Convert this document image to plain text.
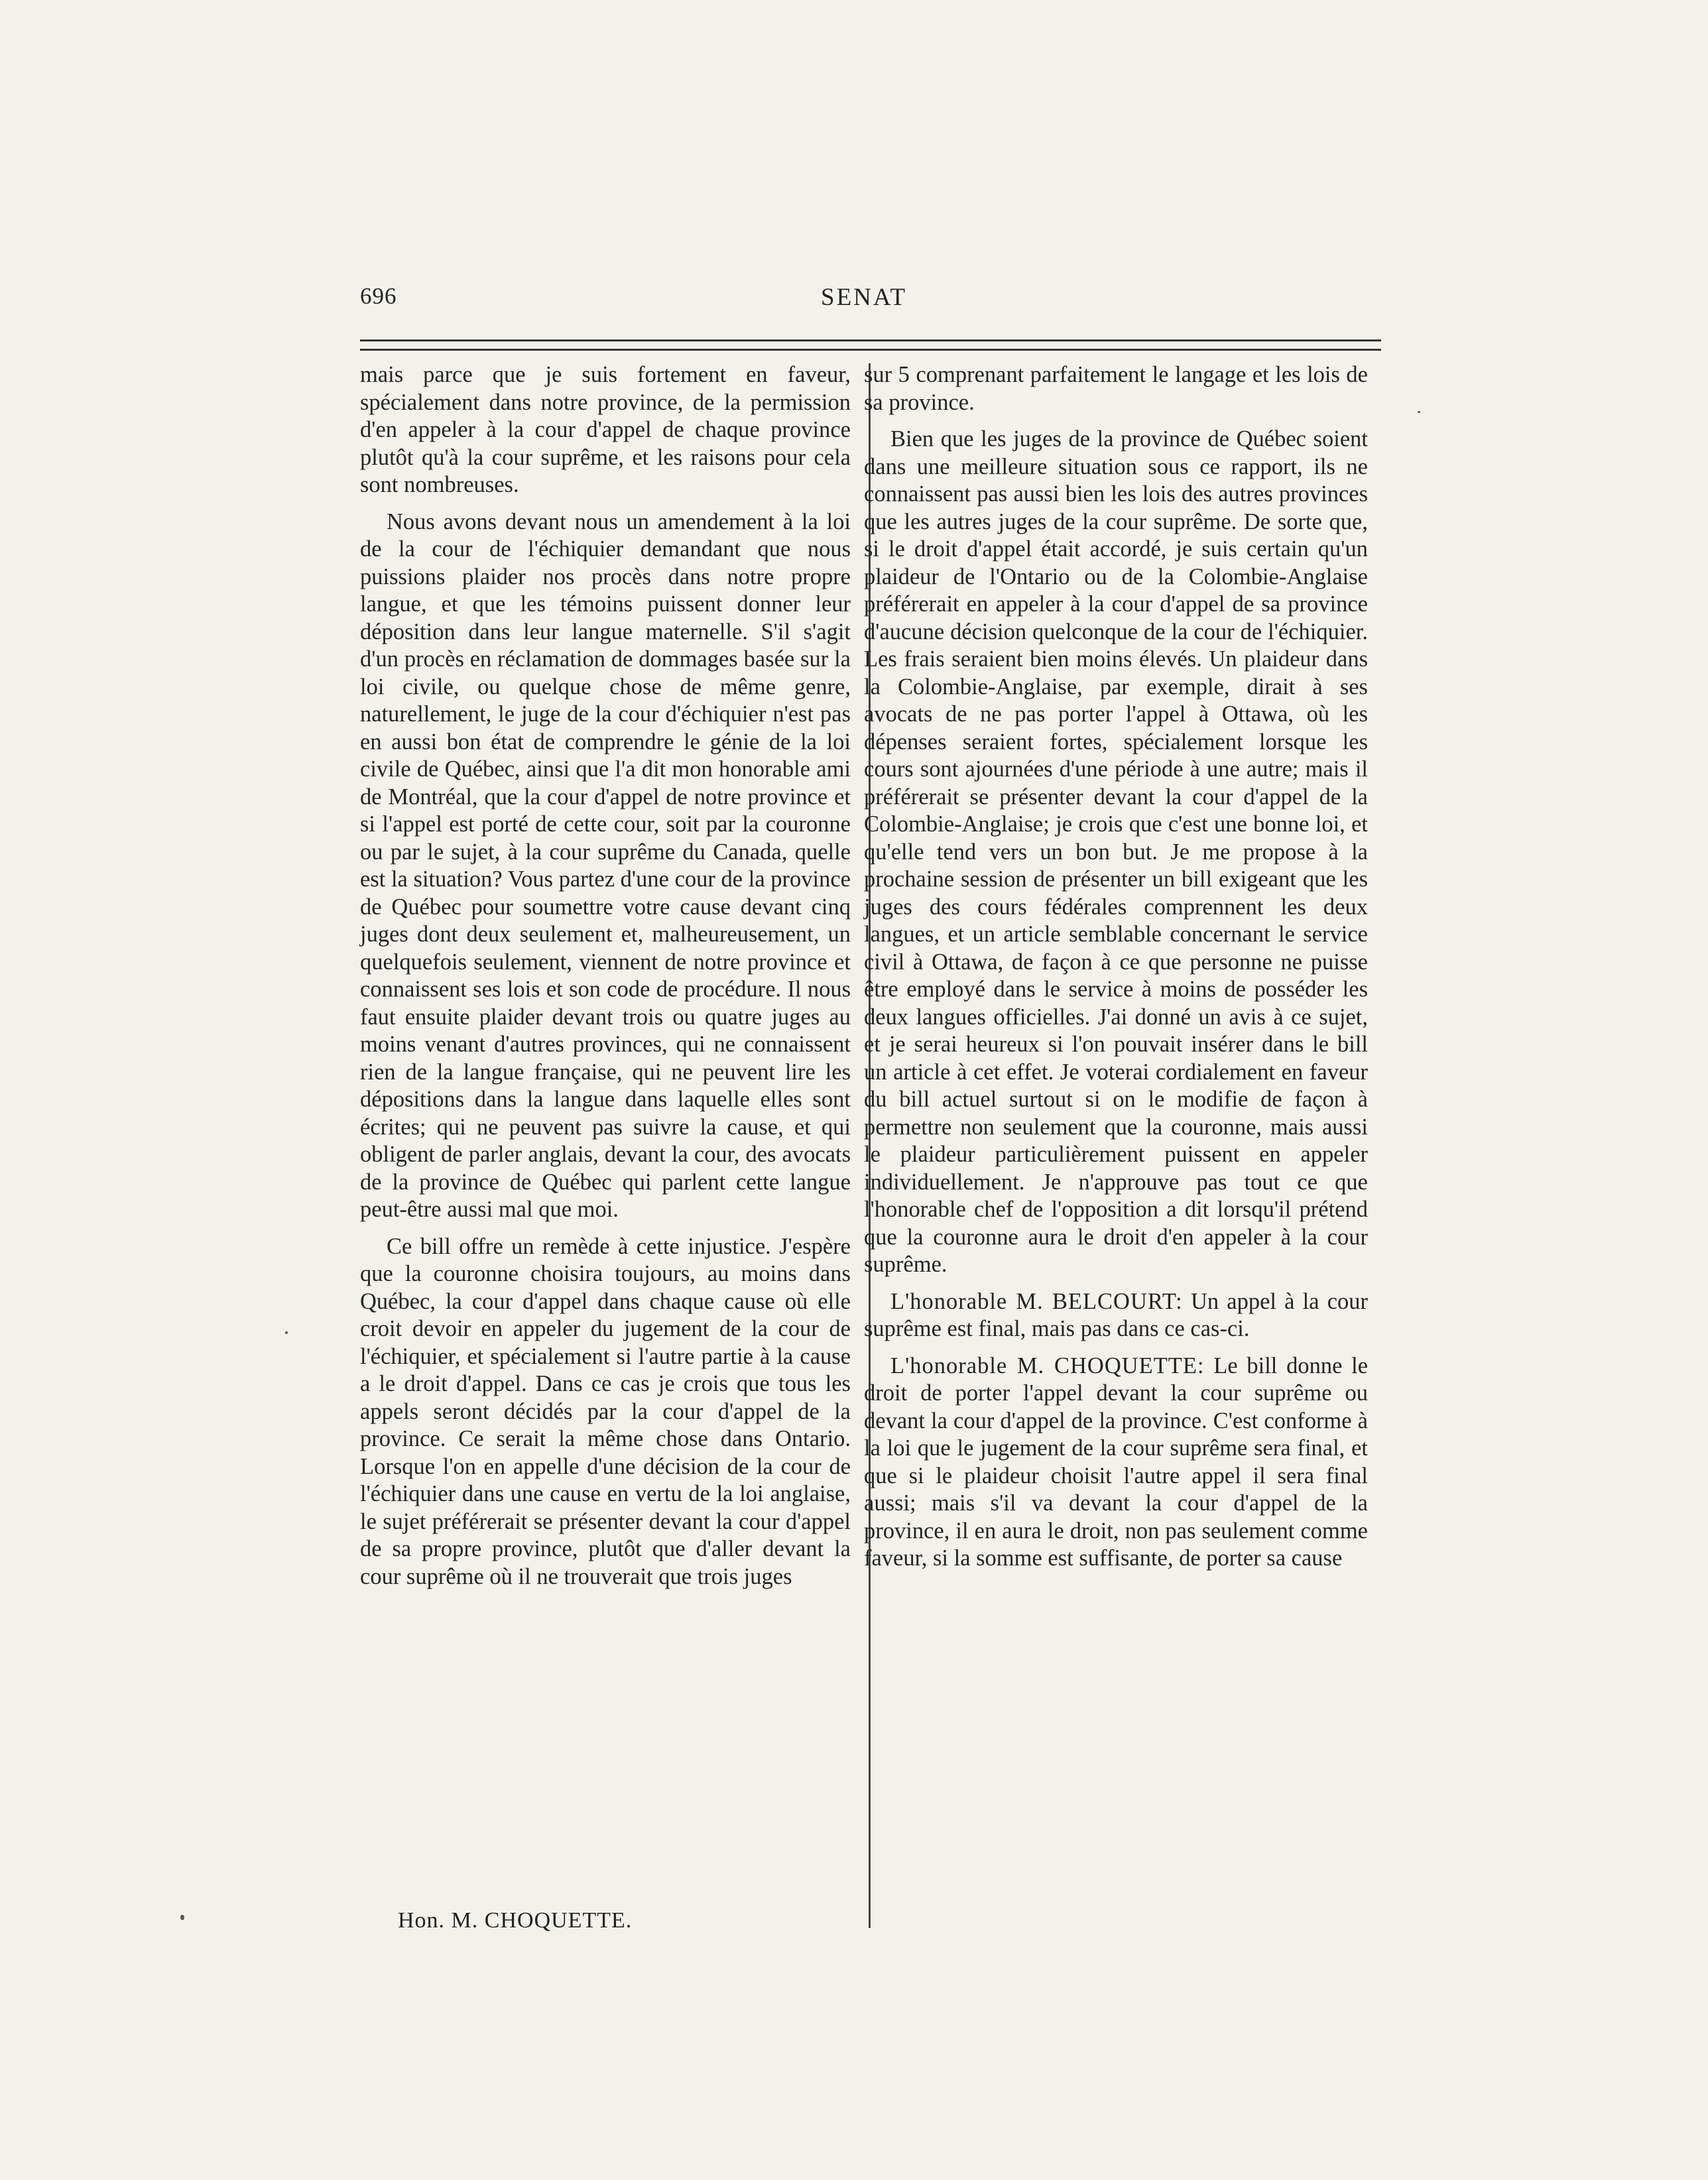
696	SENAT

mais parce que je suis fortement en faveur, spécialement dans notre province, de la permission d'en appeler à la cour d'appel de chaque province plutôt qu'à la cour suprême, et les raisons pour cela sont nombreuses.

Nous avons devant nous un amendement à la loi de la cour de l'échiquier demandant que nous puissions plaider nos procès dans notre propre langue, et que les témoins puissent donner leur déposition dans leur langue maternelle. S'il s'agit d'un procès en réclamation de dommages basée sur la loi civile, ou quelque chose de même genre, naturellement, le juge de la cour d'échiquier n'est pas en aussi bon état de comprendre le génie de la loi civile de Québec, ainsi que l'a dit mon honorable ami de Montréal, que la cour d'appel de notre province et si l'appel est porté de cette cour, soit par la couronne ou par le sujet, à la cour suprême du Canada, quelle est la situation? Vous partez d'une cour de la province de Québec pour soumettre votre cause devant cinq juges dont deux seulement et, malheureusement, un quelquefois seulement, viennent de notre province et connaissent ses lois et son code de procédure. Il nous faut ensuite plaider devant trois ou quatre juges au moins venant d'autres provinces, qui ne connaissent rien de la langue française, qui ne peuvent lire les dépositions dans la langue dans laquelle elles sont écrites; qui ne peuvent pas suivre la cause, et qui obligent de parler anglais, devant la cour, des avocats de la province de Québec qui parlent cette langue peut-être aussi mal que moi.

Ce bill offre un remède à cette injustice. J'espère que la couronne choisira toujours, au moins dans Québec, la cour d'appel dans chaque cause où elle croit devoir en appeler du jugement de la cour de l'échiquier, et spécialement si l'autre partie à la cause a le droit d'appel. Dans ce cas je crois que tous les appels seront décidés par la cour d'appel de la province. Ce serait la même chose dans Ontario. Lorsque l'on en appelle d'une décision de la cour de l'échiquier dans une cause en vertu de la loi anglaise, le sujet préférerait se présenter devant la cour d'appel de sa propre province, plutôt que d'aller devant la cour suprême où il ne trouverait que trois juges

sur 5 comprenant parfaitement le langage et les lois de sa province.

Bien que les juges de la province de Québec soient dans une meilleure situation sous ce rapport, ils ne connaissent pas aussi bien les lois des autres provinces que les autres juges de la cour suprême. De sorte que, si le droit d'appel était accordé, je suis certain qu'un plaideur de l'Ontario ou de la Colombie-Anglaise préférerait en appeler à la cour d'appel de sa province d'aucune décision quelconque de la cour de l'échiquier. Les frais seraient bien moins élevés. Un plaideur dans la Colombie-Anglaise, par exemple, dirait à ses avocats de ne pas porter l'appel à Ottawa, où les dépenses seraient fortes, spécialement lorsque les cours sont ajournées d'une période à une autre; mais il préférerait se présenter devant la cour d'appel de la Colombie-Anglaise; je crois que c'est une bonne loi, et qu'elle tend vers un bon but. Je me propose à la prochaine session de présenter un bill exigeant que les juges des cours fédérales comprennent les deux langues, et un article semblable concernant le service civil à Ottawa, de façon à ce que personne ne puisse être employé dans le service à moins de posséder les deux langues officielles. J'ai donné un avis à ce sujet, et je serai heureux si l'on pouvait insérer dans le bill un article à cet effet. Je voterai cordialement en faveur du bill actuel surtout si on le modifie de façon à permettre non seulement que la couronne, mais aussi le plaideur particulièrement puissent en appeler individuellement. Je n'approuve pas tout ce que l'honorable chef de l'opposition a dit lorsqu'il prétend que la couronne aura le droit d'en appeler à la cour suprême.

L'honorable M. BELCOURT: Un appel à la cour suprême est final, mais pas dans ce cas-ci.

L'honorable M. CHOQUETTE: Le bill donne le droit de porter l'appel devant la cour suprême ou devant la cour d'appel de la province. C'est conforme à la loi que le jugement de la cour suprême sera final, et que si le plaideur choisit l'autre appel il sera final aussi; mais s'il va devant la cour d'appel de la province, il en aura le droit, non pas seulement comme faveur, si la somme est suffisante, de porter sa cause

Hon. M. CHOQUETTE.
